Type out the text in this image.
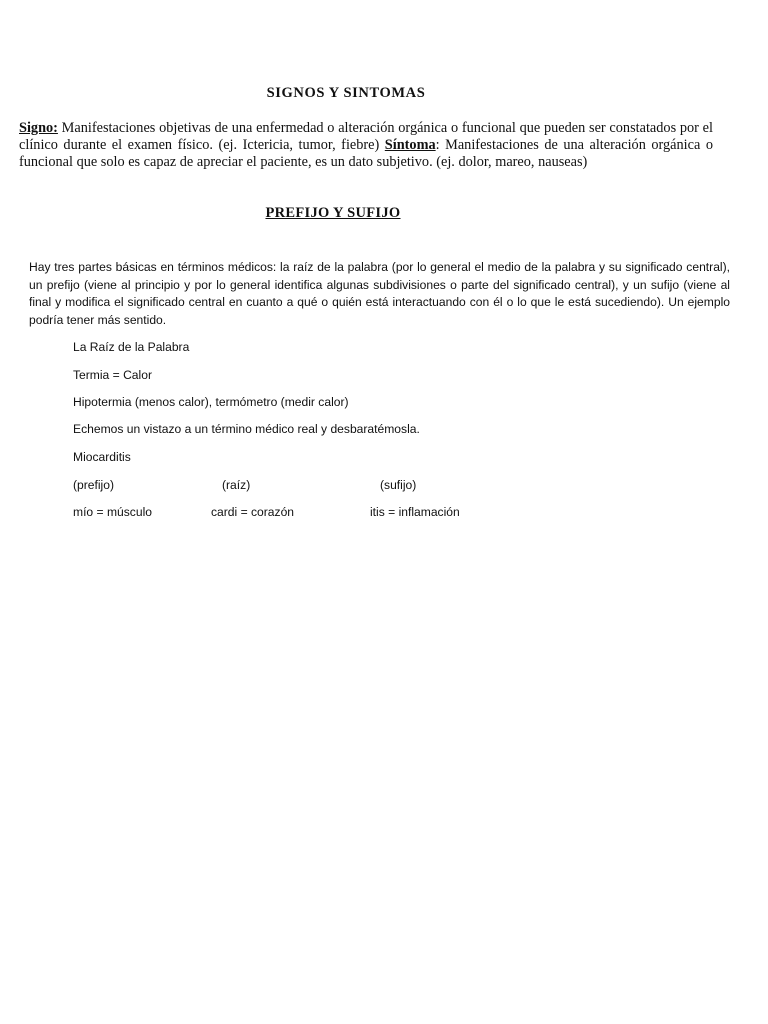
SIGNOS Y SINTOMAS
Signo: Manifestaciones objetivas de una enfermedad o alteración orgánica o funcional que pueden ser constatados por el clínico durante el examen físico. (ej. Ictericia, tumor, fiebre) Síntoma: Manifestaciones de una alteración orgánica o funcional que solo es capaz de apreciar el paciente, es un dato subjetivo. (ej. dolor, mareo, nauseas)
PREFIJO Y SUFIJO
Hay tres partes básicas en términos médicos: la raíz de la palabra (por lo general el medio de la palabra y su significado central), un prefijo (viene al principio y por lo general identifica algunas subdivisiones o parte del significado central), y un sufijo (viene al final y modifica el significado central en cuanto a qué o quién está interactuando con él o lo que le está sucediendo). Un ejemplo podría tener más sentido.
La Raíz de la Palabra
Termia = Calor
Hipotermia (menos calor), termómetro (medir calor)
Echemos un vistazo a un término médico real y desbaratémosla.
Miocarditis
(prefijo)	(raíz)	(sufijo)
mío = músculo	cardi = corazón	itis = inflamación
